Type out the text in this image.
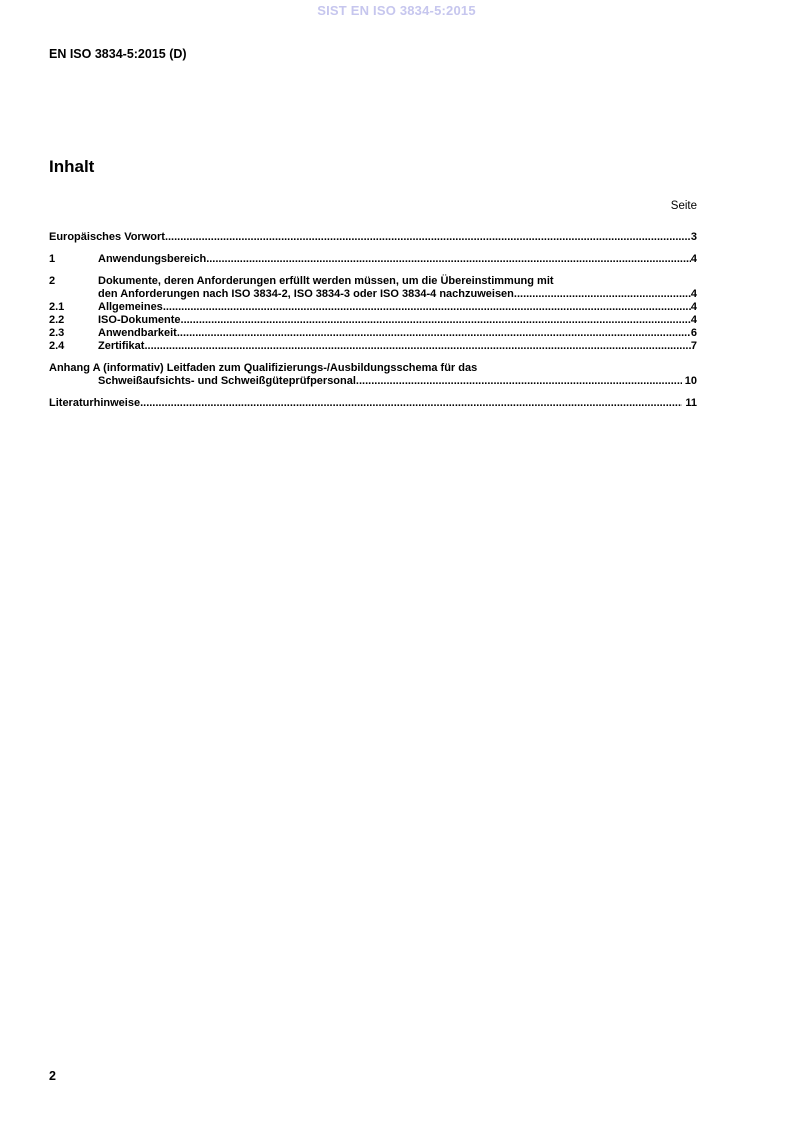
SIST EN ISO 3834-5:2015
EN ISO 3834-5:2015 (D)
Inhalt
Seite
Europäisches Vorwort .....	3
1	Anwendungsbereich .....	4
2	Dokumente, deren Anforderungen erfüllt werden müssen, um die Übereinstimmung mit
den Anforderungen nach ISO 3834-2, ISO 3834-3 oder ISO 3834-4 nachzuweisen .....	4
2.1	Allgemeines .....	4
2.2	ISO-Dokumente .....	4
2.3	Anwendbarkeit .....	6
2.4	Zertifikat .....	7
Anhang A (informativ) Leitfaden zum Qualifizierungs-/Ausbildungsschema für das
Schweißaufsichts- und Schweißgüteprüfpersonal .....	10
Literaturhinweise .....	11
2
